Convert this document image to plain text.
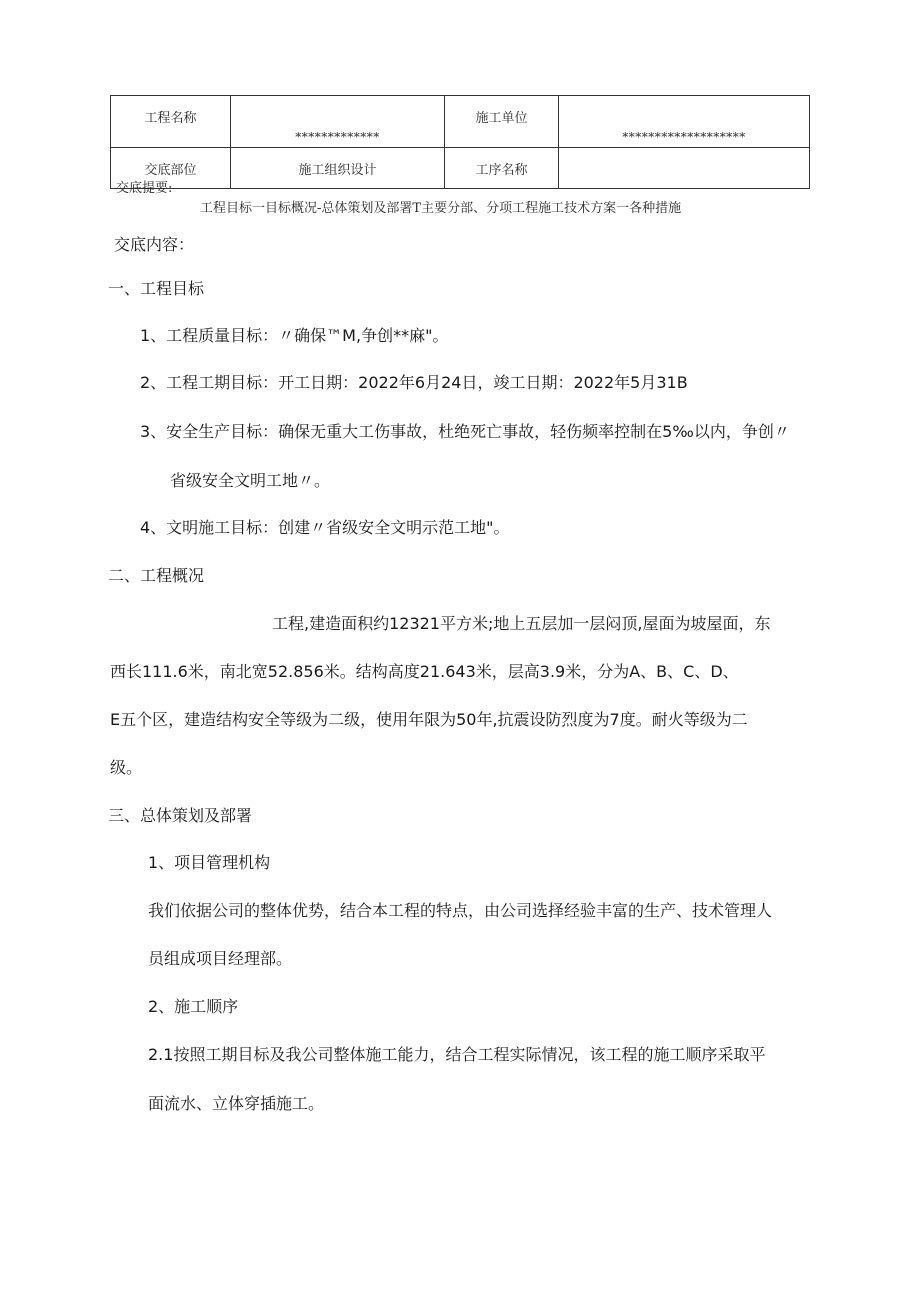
工程名称	*************	施工单位	*******************
交底部位	施工组织设计	工序名称	
交底提要:
工程目标一目标概况-总体策划及部署T主要分部、分项工程施工技术方案一各种措施
交底内容：
一、工程目标
1、工程质量目标：〃确保™M,争创**麻"。
2、工程工期目标：开工日期：2022年6月24日，竣工日期：2022年5月31B
3、安全生产目标：确保无重大工伤事故，杜绝死亡事故，轻伤频率控制在5‰以内，争创〃
省级安全文明工地〃。
4、文明施工目标：创建〃省级安全文明示范工地"。
二、工程概况
工程,建造面积约12321平方米;地上五层加一层闷顶,屋面为坡屋面，东
西长111.6米，南北宽52.856米。结构高度21.643米，层高3.9米，分为A、B、C、D、
E五个区，建造结构安全等级为二级，使用年限为50年,抗震设防烈度为7度。耐火等级为二
级。
三、总体策划及部署
1、项目管理机构
我们依据公司的整体优势，结合本工程的特点，由公司选择经验丰富的生产、技术管理人
员组成项目经理部。
2、施工顺序
2.1按照工期目标及我公司整体施工能力，结合工程实际情况，该工程的施工顺序采取平
面流水、立体穿插施工。
